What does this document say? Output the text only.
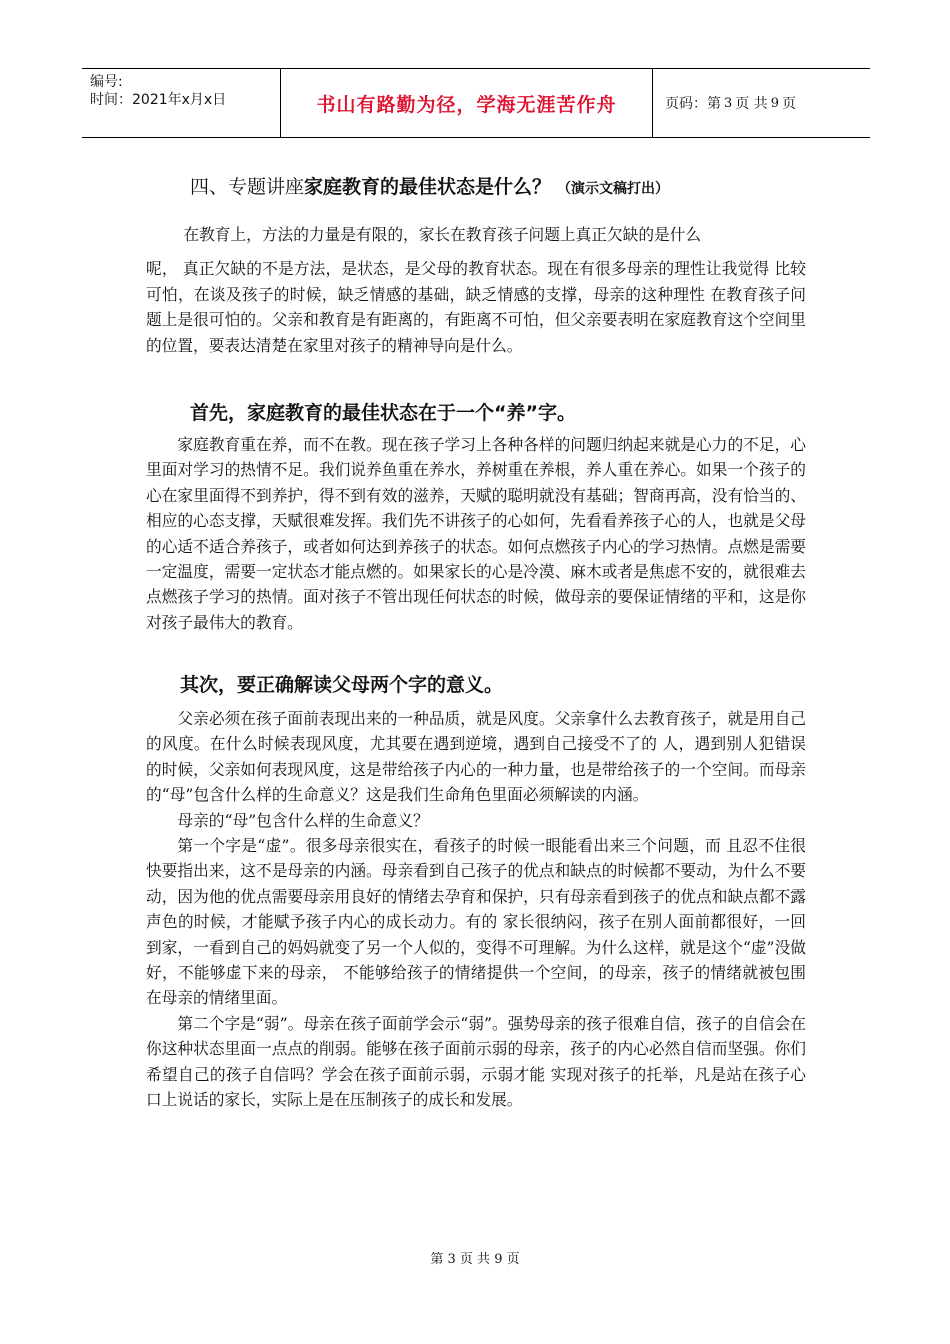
编号:
时间：2021年x月x日	书山有路勤为径，学海无涯苦作舟	页码：第 3 页 共 9 页
四、专题讲座家庭教育的最佳状态是什么？ （演示文稿打出）
在教育上，方法的力量是有限的，家长在教育孩子问题上真正欠缺的是什么
呢， 真正欠缺的不是方法，是状态，是父母的教育状态。现在有很多母亲的理性让我觉得 比较可怕，在谈及孩子的时候，缺乏情感的基础，缺乏情感的支撑，母亲的这种理性 在教育孩子问题上是很可怕的。父亲和教育是有距离的，有距离不可怕，但父亲要表明在家庭教育这个空间里的位置，要表达清楚在家里对孩子的精神导向是什么。
首先，家庭教育的最佳状态在于一个“养”字。
家庭教育重在养，而不在教。现在孩子学习上各种各样的问题归纳起来就是心力的不足，心里面对学习的热情不足。我们说养鱼重在养水，养树重在养根，养人重在养心。如果一个孩子的心在家里面得不到养护，得不到有效的滋养，天赋的聪明就没有基础；智商再高，没有恰当的、相应的心态支撑，天赋很难发挥。我们先不讲孩子的心如何，先看看养孩子心的人，也就是父母的心适不适合养孩子，或者如何达到养孩子的状态。如何点燃孩子内心的学习热情。点燃是需要一定温度，需要一定状态才能点燃的。如果家长的心是冷漠、麻木或者是焦虑不安的，就很难去点燃孩子学习的热情。面对孩子不管出现任何状态的时候，做母亲的要保证情绪的平和，这是你对孩子最伟大的教育。
其次，要正确解读父母两个字的意义。
父亲必须在孩子面前表现出来的一种品质，就是风度。父亲拿什么去教育孩子，就是用自己的风度。在什么时候表现风度，尤其要在遇到逆境，遇到自己接受不了的 人，遇到别人犯错误的时候，父亲如何表现风度，这是带给孩子内心的一种力量，也是带给孩子的一个空间。而母亲的“母”包含什么样的生命意义？这是我们生命角色里面必须解读的内涵。
母亲的“母”包含什么样的生命意义？
第一个字是“虚”。很多母亲很实在，看孩子的时候一眼能看出来三个问题，而 且忍不住很快要指出来，这不是母亲的内涵。母亲看到自己孩子的优点和缺点的时候都不要动，为什么不要动，因为他的优点需要母亲用良好的情绪去孕育和保护，只有母亲看到孩子的优点和缺点都不露声色的时候，才能赋予孩子内心的成长动力。有的 家长很纳闷，孩子在别人面前都很好，一回到家，一看到自己的妈妈就变了另一个人似的，变得不可理解。为什么这样，就是这个“虚”没做好，不能够虚下来的母亲， 不能够给孩子的情绪提供一个空间，的母亲，孩子的情绪就被包围在母亲的情绪里面。
第二个字是“弱”。母亲在孩子面前学会示“弱”。强势母亲的孩子很难自信，孩子的自信会在你这种状态里面一点点的削弱。能够在孩子面前示弱的母亲，孩子的内心必然自信而坚强。你们希望自己的孩子自信吗？学会在孩子面前示弱，示弱才能 实现对孩子的托举，凡是站在孩子心口上说话的家长，实际上是在压制孩子的成长和发展。
第 3 页 共 9 页
